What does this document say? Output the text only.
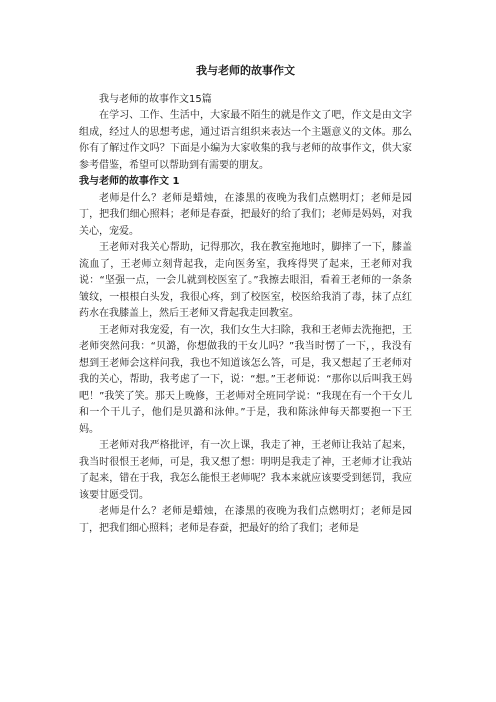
我与老师的故事作文

我与老师的故事作文15篇

在学习、工作、生活中，大家最不陌生的就是作文了吧，作文是由文字组成，经过人的思想考虑，通过语言组织来表达一个主题意义的文体。那么你有了解过作文吗？下面是小编为大家收集的我与老师的故事作文，供大家参考借鉴，希望可以帮助到有需要的朋友。

我与老师的故事作文 1

老师是什么？老师是蜡烛，在漆黑的夜晚为我们点燃明灯；老师是园丁，把我们细心照料；老师是春蚕，把最好的给了我们；老师是妈妈，对我关心，宠爱。

王老师对我关心帮助，记得那次，我在教室拖地时，脚摔了一下，膝盖流血了，王老师立刻背起我，走向医务室，我疼得哭了起来，王老师对我说：“坚强一点，一会儿就到校医室了。”我擦去眼泪，看着王老师的一条条皱纹，一根根白头发，我很心疼，到了校医室，校医给我消了毒，抹了点红药水在我膝盖上，然后王老师又背起我走回教室。

王老师对我宠爱，有一次，我们女生大扫除，我和王老师去洗拖把，王老师突然问我：“贝潞，你想做我的干女儿吗？”我当时愣了一下，，我没有想到王老师会这样问我，我也不知道该怎么答，可是，我又想起了王老师对我的关心，帮助，我考虑了一下，说：“想。”王老师说：“那你以后叫我王妈吧！”我笑了笑。那天上晚修，王老师对全班同学说：“我现在有一个干女儿和一个干儿子，他们是贝潞和泳伸。”于是，我和陈泳伸每天都要抱一下王妈。

王老师对我严格批评，有一次上课，我走了神，王老师让我站了起来，我当时很恨王老师，可是，我又想了想：明明是我走了神，王老师才让我站了起来，错在于我，我怎么能恨王老师呢？我本来就应该要受到惩罚，我应该要甘愿受罚。

老师是什么？老师是蜡烛，在漆黑的夜晚为我们点燃明灯；老师是园丁，把我们细心照料；老师是春蚕，把最好的给了我们；老师是
